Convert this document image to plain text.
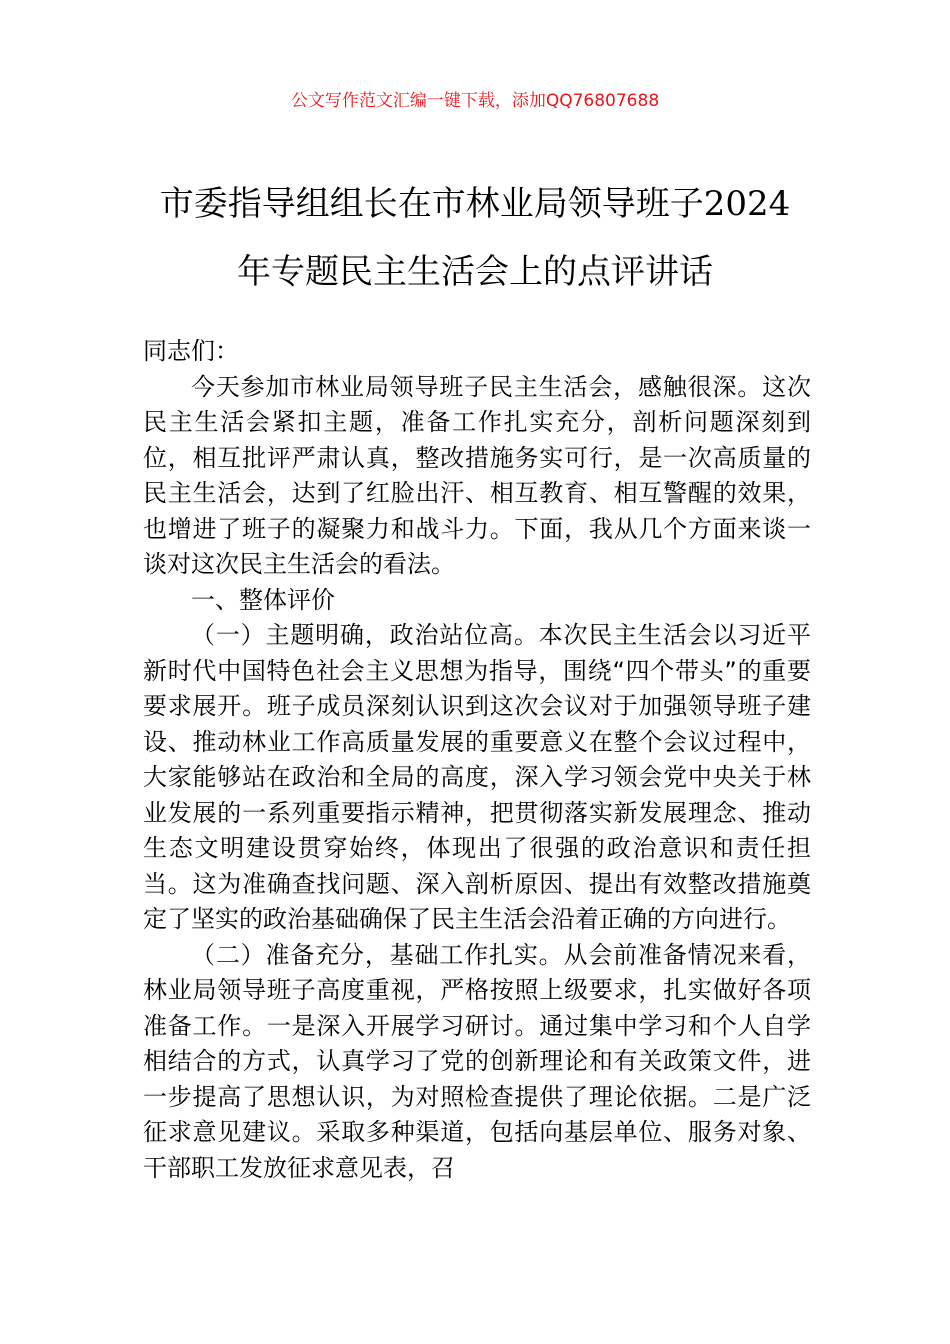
公文写作范文汇编一键下载，添加QQ76807688
市委指导组组长在市林业局领导班子2024
年专题民主生活会上的点评讲话

同志们：

今天参加市林业局领导班子民主生活会，感触很深。这次民主生活会紧扣主题，准备工作扎实充分，剖析问题深刻到位，相互批评严肃认真，整改措施务实可行，是一次高质量的民主生活会，达到了红脸出汗、相互教育、相互警醒的效果，也增进了班子的凝聚力和战斗力。下面，我从几个方面来谈一谈对这次民主生活会的看法。

一、整体评价

（一）主题明确，政治站位高。本次民主生活会以习近平新时代中国特色社会主义思想为指导，围绕“四个带头”的重要要求展开。班子成员深刻认识到这次会议对于加强领导班子建设、推动林业工作高质量发展的重要意义在整个会议过程中，大家能够站在政治和全局的高度，深入学习领会党中央关于林业发展的一系列重要指示精神，把贯彻落实新发展理念、推动生态文明建设贯穿始终，体现出了很强的政治意识和责任担当。这为准确查找问题、深入剖析原因、提出有效整改措施奠定了坚实的政治基础确保了民主生活会沿着正确的方向进行。

（二）准备充分，基础工作扎实。从会前准备情况来看，林业局领导班子高度重视，严格按照上级要求，扎实做好各项准备工作。一是深入开展学习研讨。通过集中学习和个人自学相结合的方式，认真学习了党的创新理论和有关政策文件，进一步提高了思想认识，为对照检查提供了理论依据。二是广泛征求意见建议。采取多种渠道，包括向基层单位、服务对象、干部职工发放征求意见表，召
